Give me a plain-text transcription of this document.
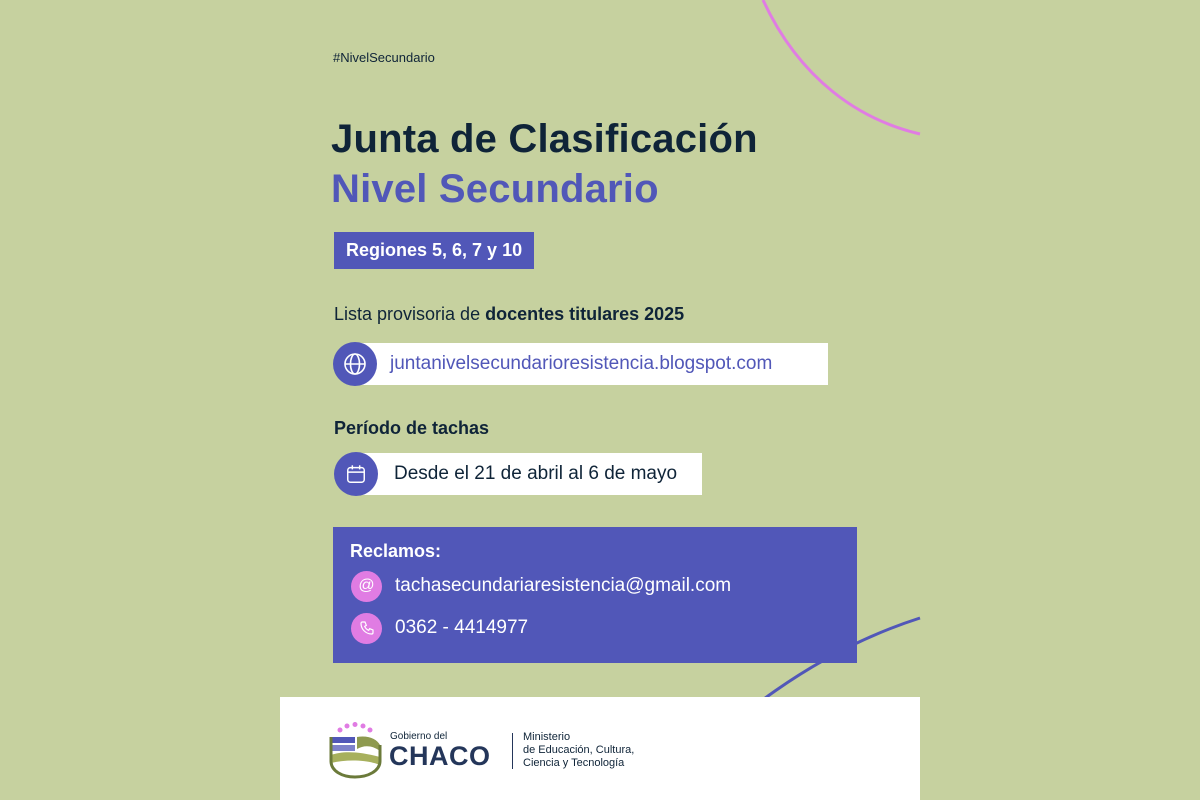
#NivelSecundario
Junta de Clasificación
Nivel Secundario
Regiones 5, 6, 7 y 10
Lista provisoria de docentes titulares 2025
juntanivelsecundarioresistencia.blogspot.com
Período de tachas
Desde el 21 de abril al 6 de mayo
Reclamos:
@	tachasecundariaresistencia@gmail.com
0362 - 4414977
Gobierno del
CHACO
Ministerio
de Educación, Cultura,
Ciencia y Tecnología
